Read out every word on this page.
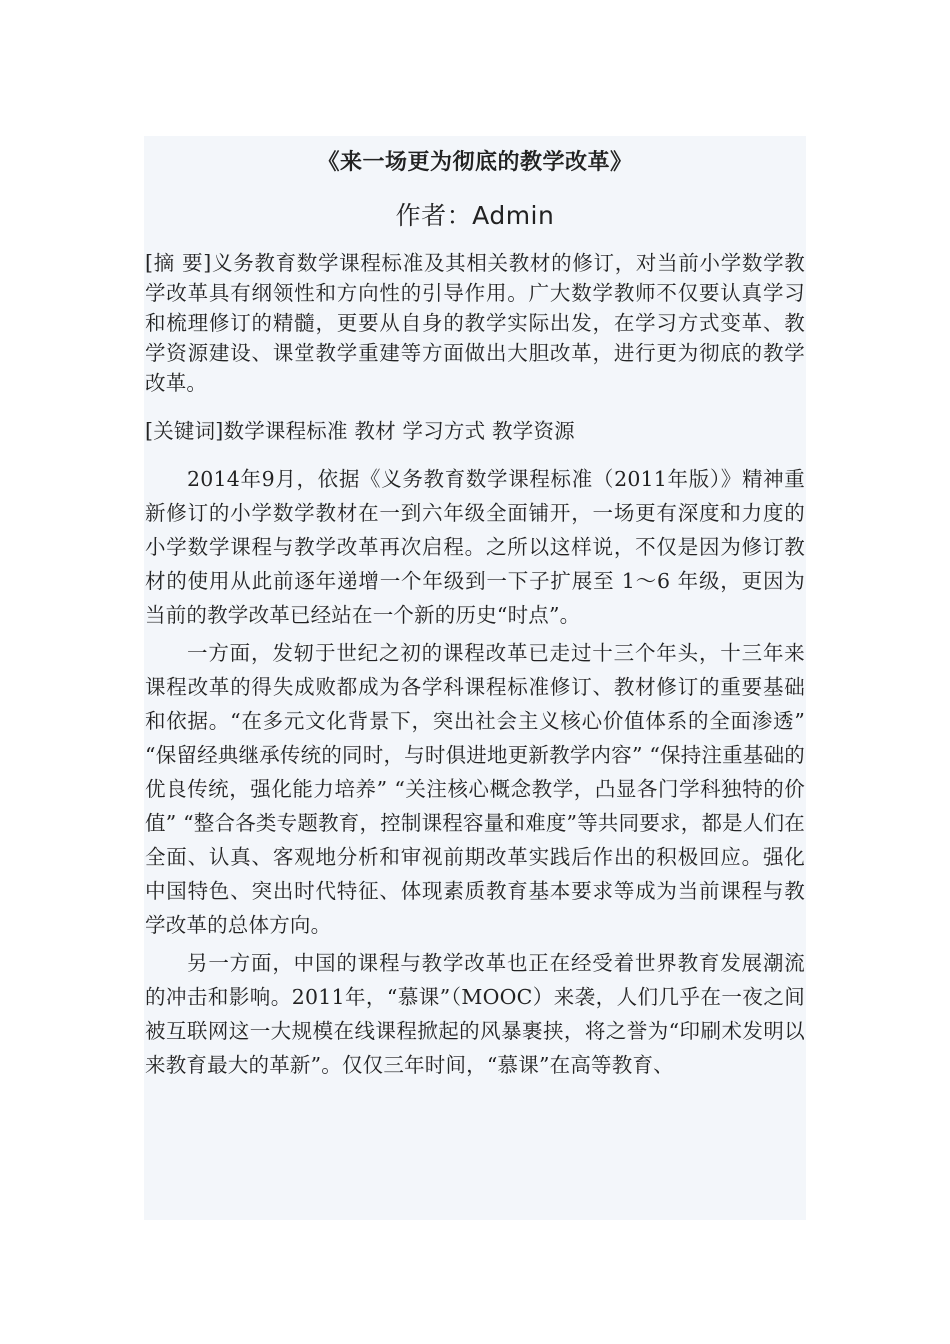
《来一场更为彻底的教学改革》
作者：Admin

[摘 要]义务教育数学课程标准及其相关教材的修订，对当前小学数学教学改革具有纲领性和方向性的引导作用。广大数学教师不仅要认真学习和梳理修订的精髓，更要从自身的教学实际出发，在学习方式变革、教学资源建设、课堂教学重建等方面做出大胆改革，进行更为彻底的教学改革。

[关键词]数学课程标准 教材 学习方式 教学资源

2014年9月，依据《义务教育数学课程标准（2011年版）》精神重新修订的小学数学教材在一到六年级全面铺开，一场更有深度和力度的小学数学课程与教学改革再次启程。之所以这样说，不仅是因为修订教材的使用从此前逐年递增一个年级到一下子扩展至 1～6 年级，更因为当前的教学改革已经站在一个新的历史“时点”。

一方面，发轫于世纪之初的课程改革已走过十三个年头，十三年来课程改革的得失成败都成为各学科课程标准修订、教材修订的重要基础和依据。“在多元文化背景下，突出社会主义核心价值体系的全面渗透” “保留经典继承传统的同时，与时俱进地更新教学内容” “保持注重基础的优良传统，强化能力培养” “关注核心概念教学，凸显各门学科独特的价值” “整合各类专题教育，控制课程容量和难度”等共同要求，都是人们在全面、认真、客观地分析和审视前期改革实践后作出的积极回应。强化中国特色、突出时代特征、体现素质教育基本要求等成为当前课程与教学改革的总体方向。

另一方面，中国的课程与教学改革也正在经受着世界教育发展潮流的冲击和影响。2011年，“慕课”（MOOC）来袭，人们几乎在一夜之间被互联网这一大规模在线课程掀起的风暴裹挟，将之誉为“印刷术发明以来教育最大的革新”。仅仅三年时间，“慕课”在高等教育、
